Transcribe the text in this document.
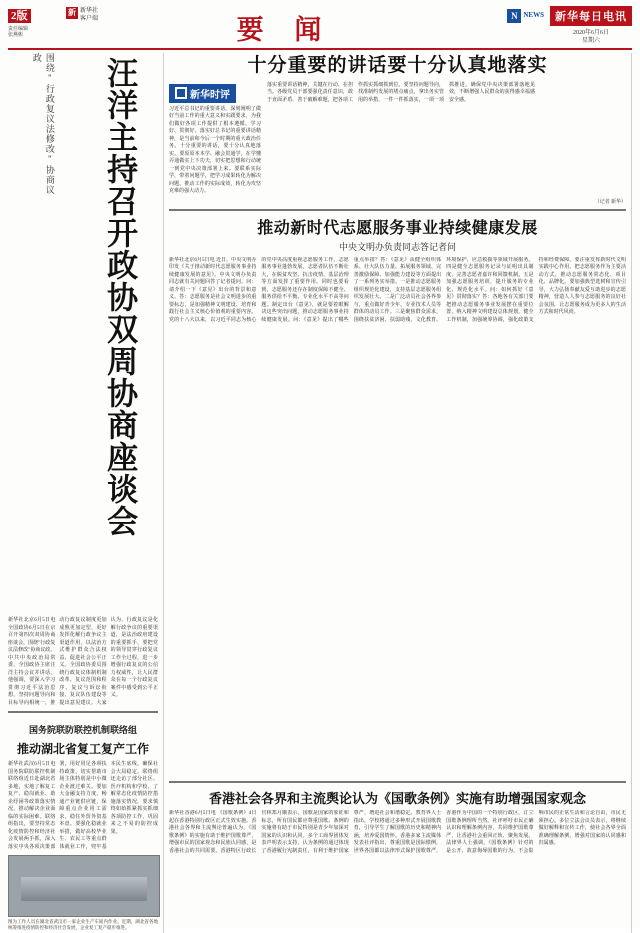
2版
责任编辑
张燕彬
新 新华社
客户端	要 闻	N NEWS	新华每日电讯
2020年6月6日
星期六
汪洋主持召开政协双周协商座谈会
围绕"行政复议法修改"协商议政
新华社北京6月5日电 全国政协6月5日在京召开第四次双周协商座谈会，围绕"行政复议法修改"协商议政。中共中央政治局常委、全国政协主席汪洋主持会议并讲话。他强调，要深入学习贯彻习近平法治思想，坚持问题导向和目标导向相统一，推动行政复议制度更加成熟更加定型，更好发挥化解行政争议主渠道作用，以法治方式维护群众合法权益、促进社会公平正义。全国政协委员围绕行政复议体制机制改革、复议范围和程序、复议与诉讼衔接、复议队伍建设等提出意见建议。大家认为，行政复议是化解行政争议的重要渠道，是法治政府建设的重要抓手，要把党的领导贯穿行政复议工作全过程，进一步增强行政复议的公信力权威性，让人民群众在每一个行政复议案件中感受到公平正义。
国务院联防联控机制联络组
推动湖北省复工复产工作
新华社武汉6月5日电 国务院联防联控机制联络组近日赴湖北省多地，实地了解复工复产、稳岗就业、助企纾困等政策落实情况，推动解决企业面临的实际困难。联络组指出，要坚持常态化疫情防控和经济社会发展两手抓，深入落实中央各项决策部署，用好用足各项扶持政策，切实帮助市场主体特别是中小微企业渡过难关。要加大金融支持力度，畅通产业链供应链，保障重点企业用工需求，稳住外贸外资基本盘。要强化稳就业举措，做好高校毕业生、农民工等重点群体就业工作，兜牢基本民生底线，确保社会大局稳定。联络组还走访了部分社区、医疗机构和学校，了解常态化疫情防控措施落实情况，要求慎终如始抓紧抓实抓细各项防控工作，巩固来之不易的防控成果。
图为工作人员在湖北省武汉市一家企业生产车间内作业。近期，湖北省各地统筹推进疫情防控和经济社会发展，企业复工复产稳步推进。
十分重要的讲话要十分认真地落实
新华时评
习近平总书记的重要讲话，深刻阐明了做好当前工作的重大意义和实践要求，为我们做好各项工作提供了根本遵循。学习好、贯彻好、落实好总书记的重要讲话精神，是当前和今后一个时期的重大政治任务。十分重要的讲话，要十分认真地落实。要原原本本学、融会贯通学，在学懂弄通做实上下功夫，切实把思想和行动统一到党中央决策部署上来。要联系实际学，带着问题学，把学习成果转化为解决问题、推动工作的实际成效，转化为攻坚克难的强大动力。
落实重要讲话精神，关键在行动、在担当。各级党员干部要强化责任意识，敢于直面矛盾，善于破解难题，把各项工作抓实抓细抓到位。要坚持问题导向，找准制约发展的堵点痛点，拿出务实管用的举措，一件一件抓落实，一项一项抓推进，确保党中央决策部署落地见效，不断增强人民群众的获得感幸福感安全感。
（记者 新华）
推动新时代志愿服务事业持续健康发展
中央文明办负责同志答记者问
新华社北京6月5日电 近日，中央文明办印发《关于推动新时代志愿服务事业持续健康发展的意见》。中央文明办负责同志就有关问题回答了记者提问。问：请介绍一下《意见》出台的背景和意义。答：志愿服务是社会文明进步的重要标志，是加强精神文明建设、培育和践行社会主义核心价值观的重要内容。党的十八大以来，以习近平同志为核心的党中央高度重视志愿服务工作，志愿服务事业蓬勃发展，志愿者队伍不断壮大，在脱贫攻坚、抗击疫情、基层治理等方面发挥了重要作用。同时也要看到，志愿服务还存在制度保障不健全、服务供给不平衡、专业化水平不高等问题。制定出台《意见》，就是要着眼解决这些突出问题，推动志愿服务事业持续健康发展。问：《意见》提出了哪些重点举措？答：《意见》从健全组织体系、壮大队伍力量、拓展服务领域、完善激励保障、加强能力建设等方面提出了一系列务实举措。一是推动志愿服务组织规范化建设，支持基层志愿服务组织发展壮大。二是广泛动员社会各界参与，重点做好青少年、专业技术人员等群体的动员工作。三是聚焦群众需求，围绕扶贫济困、扶弱助残、文化教育、环境保护、应急救援等领域开展服务。四是健全志愿服务记录与证明出具制度，完善志愿者嘉许和回馈机制。五是加强志愿服务培训，提升服务的专业化、规范化水平。问：如何抓好《意见》贯彻落实？答：各地各有关部门要把推动志愿服务事业发展摆在重要位置，纳入精神文明建设总体规划，健全工作机制，加强统筹协调，强化政策支持和经费保障。要注重发挥新时代文明实践中心作用，把志愿服务作为主要活动方式，推动志愿服务常态化、项目化、品牌化。要加强典型选树和宣传引导，大力弘扬奉献友爱互助进步的志愿精神，营造人人参与志愿服务的良好社会氛围，让志愿服务成为更多人的生活方式和时代风尚。
香港社会各界和主流舆论认为《国歌条例》实施有助增强国家观念
新华社香港6月5日电 《国歌条例》4日起在香港特别行政区正式生效实施。香港社会各界和主流舆论普遍认为，《国歌条例》的实施有助于维护国歌尊严，增强市民的国家观念和民族认同感，是香港社会的共同需要。香港特区行政长官林郑月娥表示，国歌是国家的象征和标志，所有国民都应尊重国歌。条例的实施将有助于市民特别是青少年加深对国家的认识和认同。多个工商界团体发表声明表示支持，认为条例的通过体现了香港履行宪制责任，有利于维护国家尊严，增进社会和谐稳定。教育界人士指出，学校将通过多种形式开展国歌教育，引导学生了解国歌的历史和精神内涵，培养爱国情怀。香港多家主流媒体发表社评指出，尊重国歌是国际惯例，世界各国都以法律形式保护国歌尊严，香港作为中国的一个特别行政区，订立国歌条例理所当然。社评呼吁市民正确认识和理解条例内容，共同维护国歌尊严，让香港社会重回正轨、聚焦发展。法律界人士强调，《国歌条例》针对的是公开、故意侮辱国歌的行为，不会影响市民的正常生活和言论自由，市民无须担心。多位立法会议员表示，将继续做好解释和宣传工作，使社会各界全面准确理解条例，增强对国家的认同感和归属感。
